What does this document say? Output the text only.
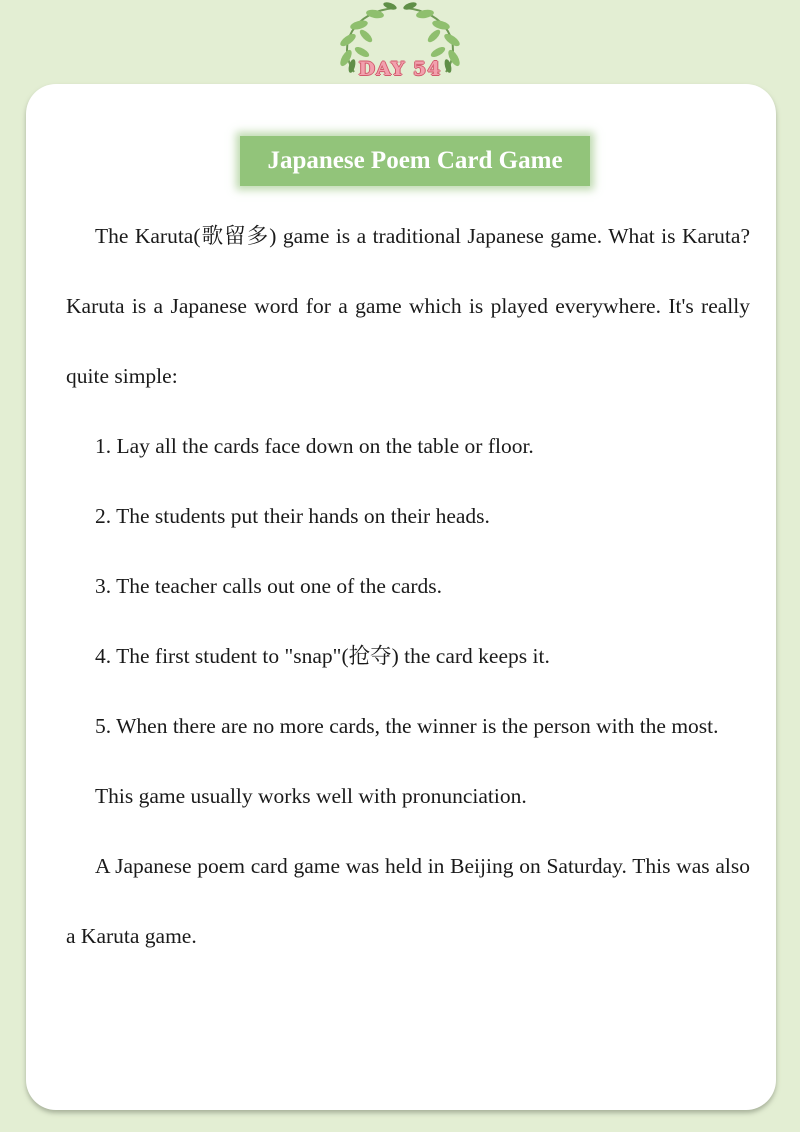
DAY 54
Japanese Poem Card Game

The Karuta(歌留多) game is a traditional Japanese game. What is Karuta? Karuta is a Japanese word for a game which is played everywhere. It's really quite simple:

1. Lay all the cards face down on the table or floor.

2. The students put their hands on their heads.

3. The teacher calls out one of the cards.

4. The first student to "snap"(抢夺) the card keeps it.

5. When there are no more cards, the winner is the person with the most.

This game usually works well with pronunciation.

A Japanese poem card game was held in Beijing on Saturday. This was also a Karuta game.
